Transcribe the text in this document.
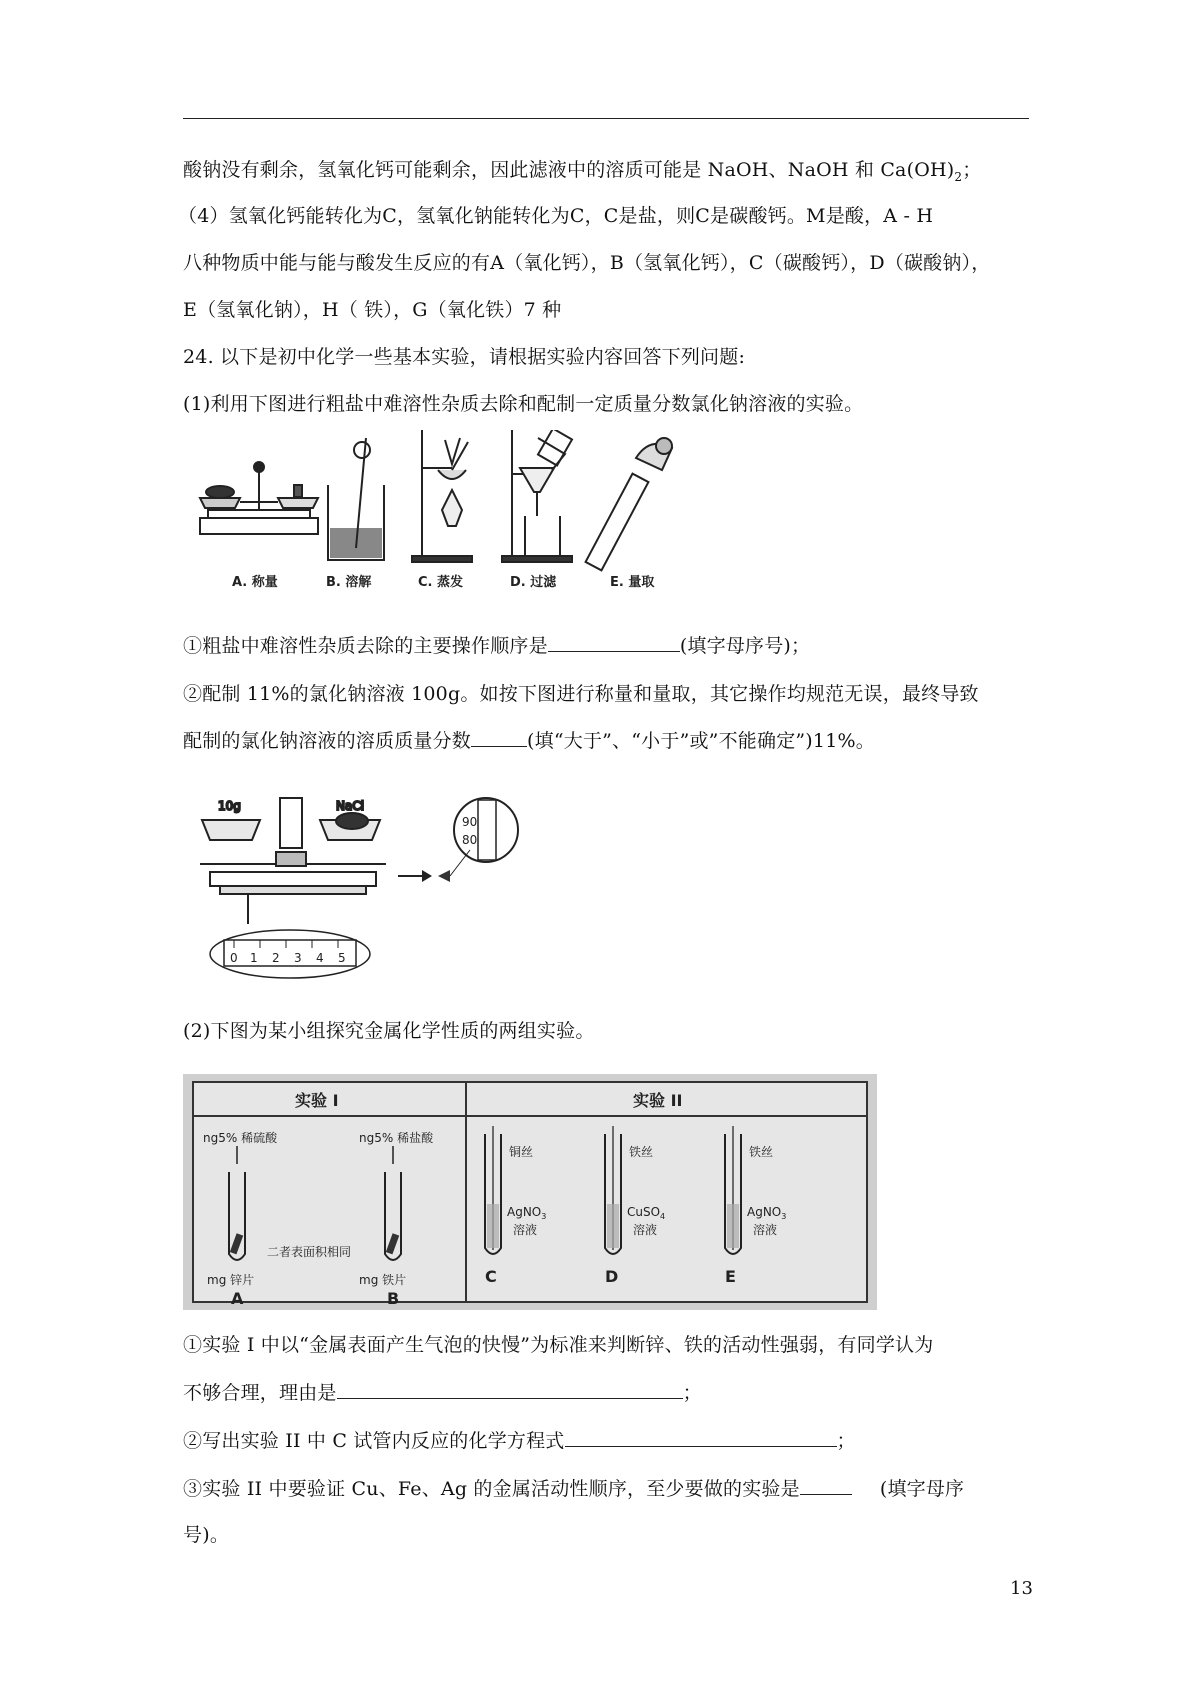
酸钠没有剩余，氢氧化钙可能剩余，因此滤液中的溶质可能是 NaOH、NaOH 和 $Ca(OH)_2$；
（4）氢氧化钙能转化为C，氢氧化钠能转化为C，C是盐，则C是碳酸钙。M是酸，A - H
八种物质中能与能与酸发生反应的有A（氧化钙），B（氢氧化钙），C（碳酸钙），D（碳酸钠），
E（氢氧化钠），H（ 铁），G（氧化铁）7 种
24. 以下是初中化学一些基本实验，请根据实验内容回答下列问题:
(1)利用下图进行粗盐中难溶性杂质去除和配制一定质量分数氯化钠溶液的实验。
A. 称量	B. 溶解	C. 蒸发	D. 过滤	E. 量取
①粗盐中难溶性杂质去除的主要操作顺序是	(填字母序号)；
②配制 11%的氯化钠溶液 100g。如按下图进行称量和量取，其它操作均规范无误，最终导致
配制的氯化钠溶液的溶质质量分数	(填“大于”、“小于”或”不能确定”)11%。
10g	NaCl
0 1 2 3 4 5
90
80
(2)下图为某小组探究金属化学性质的两组实验。
实验 I	实验 II
ng5% 稀硫酸
mg 锌片
A
ng5% 稀盐酸
二者表面积相同
mg 铁片
B
铜丝
AgNO$_3$
溶液
C
铁丝
CuSO$_4$
溶液
D
铁丝
AgNO$_3$
溶液
E
①实验 I 中以“金属表面产生气泡的快慢”为标准来判断锌、铁的活动性强弱，有同学认为
不够合理，理由是	；
②写出实验 II 中 C 试管内反应的化学方程式	；
③实验 II 中要验证 Cu、Fe、Ag 的金属活动性顺序，至少要做的实验是	(填字母序
号)。
13
